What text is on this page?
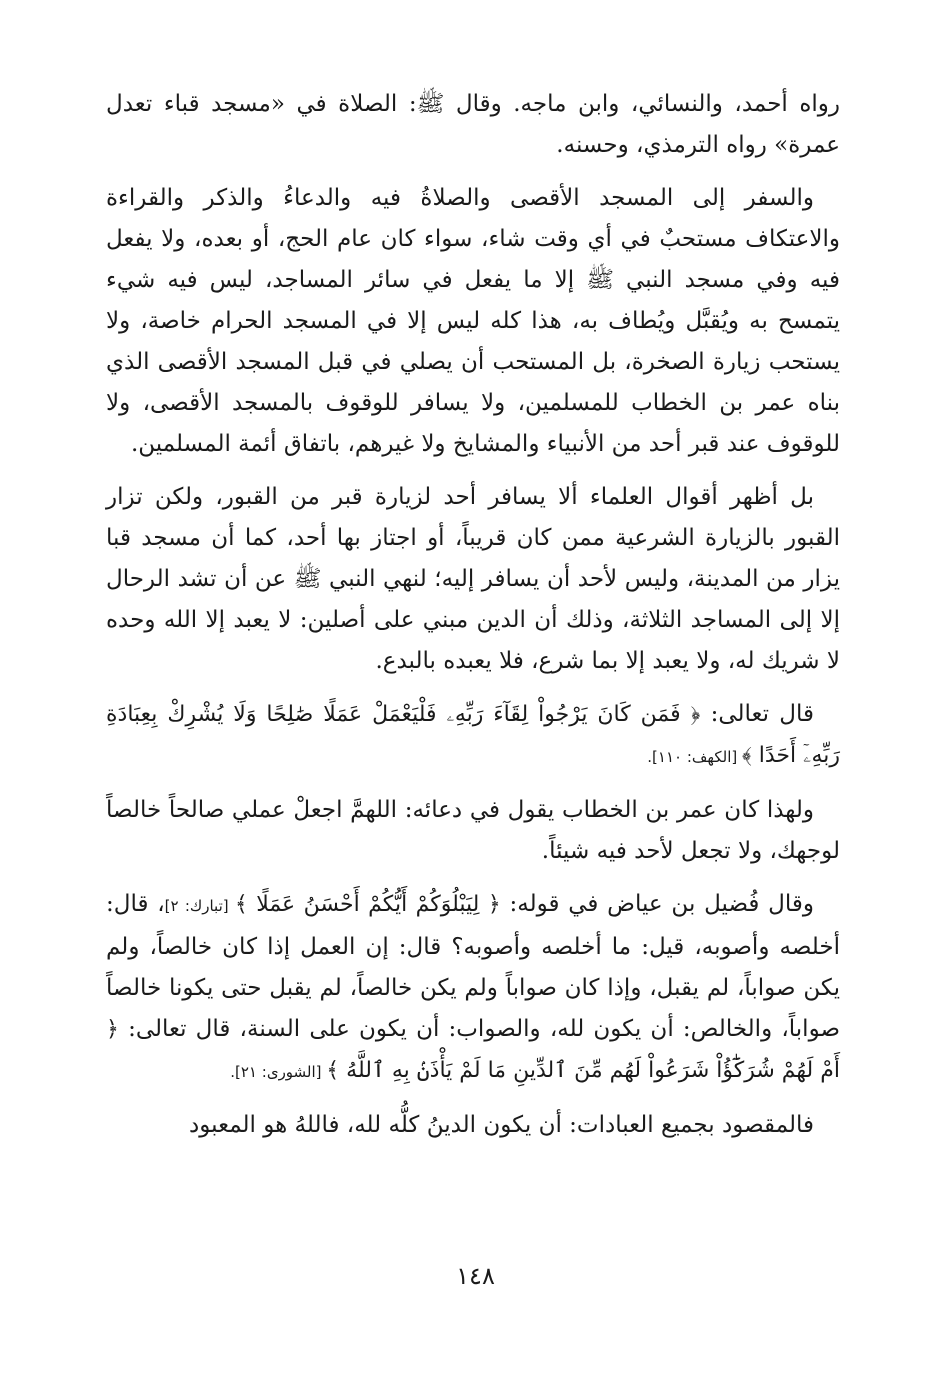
رواه أحمد، والنسائي، وابن ماجه. وقال ﷺ: الصلاة في «مسجد قباء تعدل عمرة» رواه الترمذي، وحسنه.

والسفر إلى المسجد الأقصى والصلاةُ فيه والدعاءُ والذكر والقراءة والاعتكاف مستحبٌ في أي وقت شاء، سواء كان عام الحج، أو بعده، ولا يفعل فيه وفي مسجد النبي ﷺ إلا ما يفعل في سائر المساجد، ليس فيه شيء يتمسح به ويُقبَّل ويُطاف به، هذا كله ليس إلا في المسجد الحرام خاصة، ولا يستحب زيارة الصخرة، بل المستحب أن يصلي في قبل المسجد الأقصى الذي بناه عمر بن الخطاب للمسلمين، ولا يسافر للوقوف بالمسجد الأقصى، ولا للوقوف عند قبر أحد من الأنبياء والمشايخ ولا غيرهم، باتفاق أئمة المسلمين.

بل أظهر أقوال العلماء ألا يسافر أحد لزيارة قبر من القبور، ولكن تزار القبور بالزيارة الشرعية ممن كان قريباً، أو اجتاز بها أحد، كما أن مسجد قبا يزار من المدينة، وليس لأحد أن يسافر إليه؛ لنهي النبي ﷺ عن أن تشد الرحال إلا إلى المساجد الثلاثة، وذلك أن الدين مبني على أصلين: لا يعبد إلا الله وحده لا شريك له، ولا يعبد إلا بما شرع، فلا يعبده بالبدع.

قال تعالى: ﴿ فَمَن كَانَ يَرْجُواْ لِقَآءَ رَبِّهِۦ فَلْيَعْمَلْ عَمَلًا صَٰلِحًا وَلَا يُشْرِكْ بِعِبَادَةِ رَبِّهِۦٓ أَحَدًا ﴾ [الكهف: ١١٠].

ولهذا كان عمر بن الخطاب يقول في دعائه: اللهمَّ اجعلْ عملي صالحاً خالصاً لوجهك، ولا تجعل لأحد فيه شيئاً.

وقال فُضيل بن عياض في قوله: ﴿ لِيَبْلُوَكُمْ أَيُّكُمْ أَحْسَنُ عَمَلًا ﴾ [تبارك: ٢]، قال: أخلصه وأصوبه، قيل: ما أخلصه وأصوبه؟ قال: إن العمل إذا كان خالصاً، ولم يكن صواباً، لم يقبل، وإذا كان صواباً ولم يكن خالصاً، لم يقبل حتى يكونا خالصاً صواباً، والخالص: أن يكون لله، والصواب: أن يكون على السنة، قال تعالى: ﴿ أَمْ لَهُمْ شُرَكَٰٓؤُاْ شَرَعُواْ لَهُم مِّنَ ٱلدِّينِ مَا لَمْ يَأْذَنۢ بِهِ ٱللَّهُ ﴾ [الشورى: ٢١].

فالمقصود بجميع العبادات: أن يكون الدينُ كلُّه لله، فاللهُ هو المعبود

١٤٨
